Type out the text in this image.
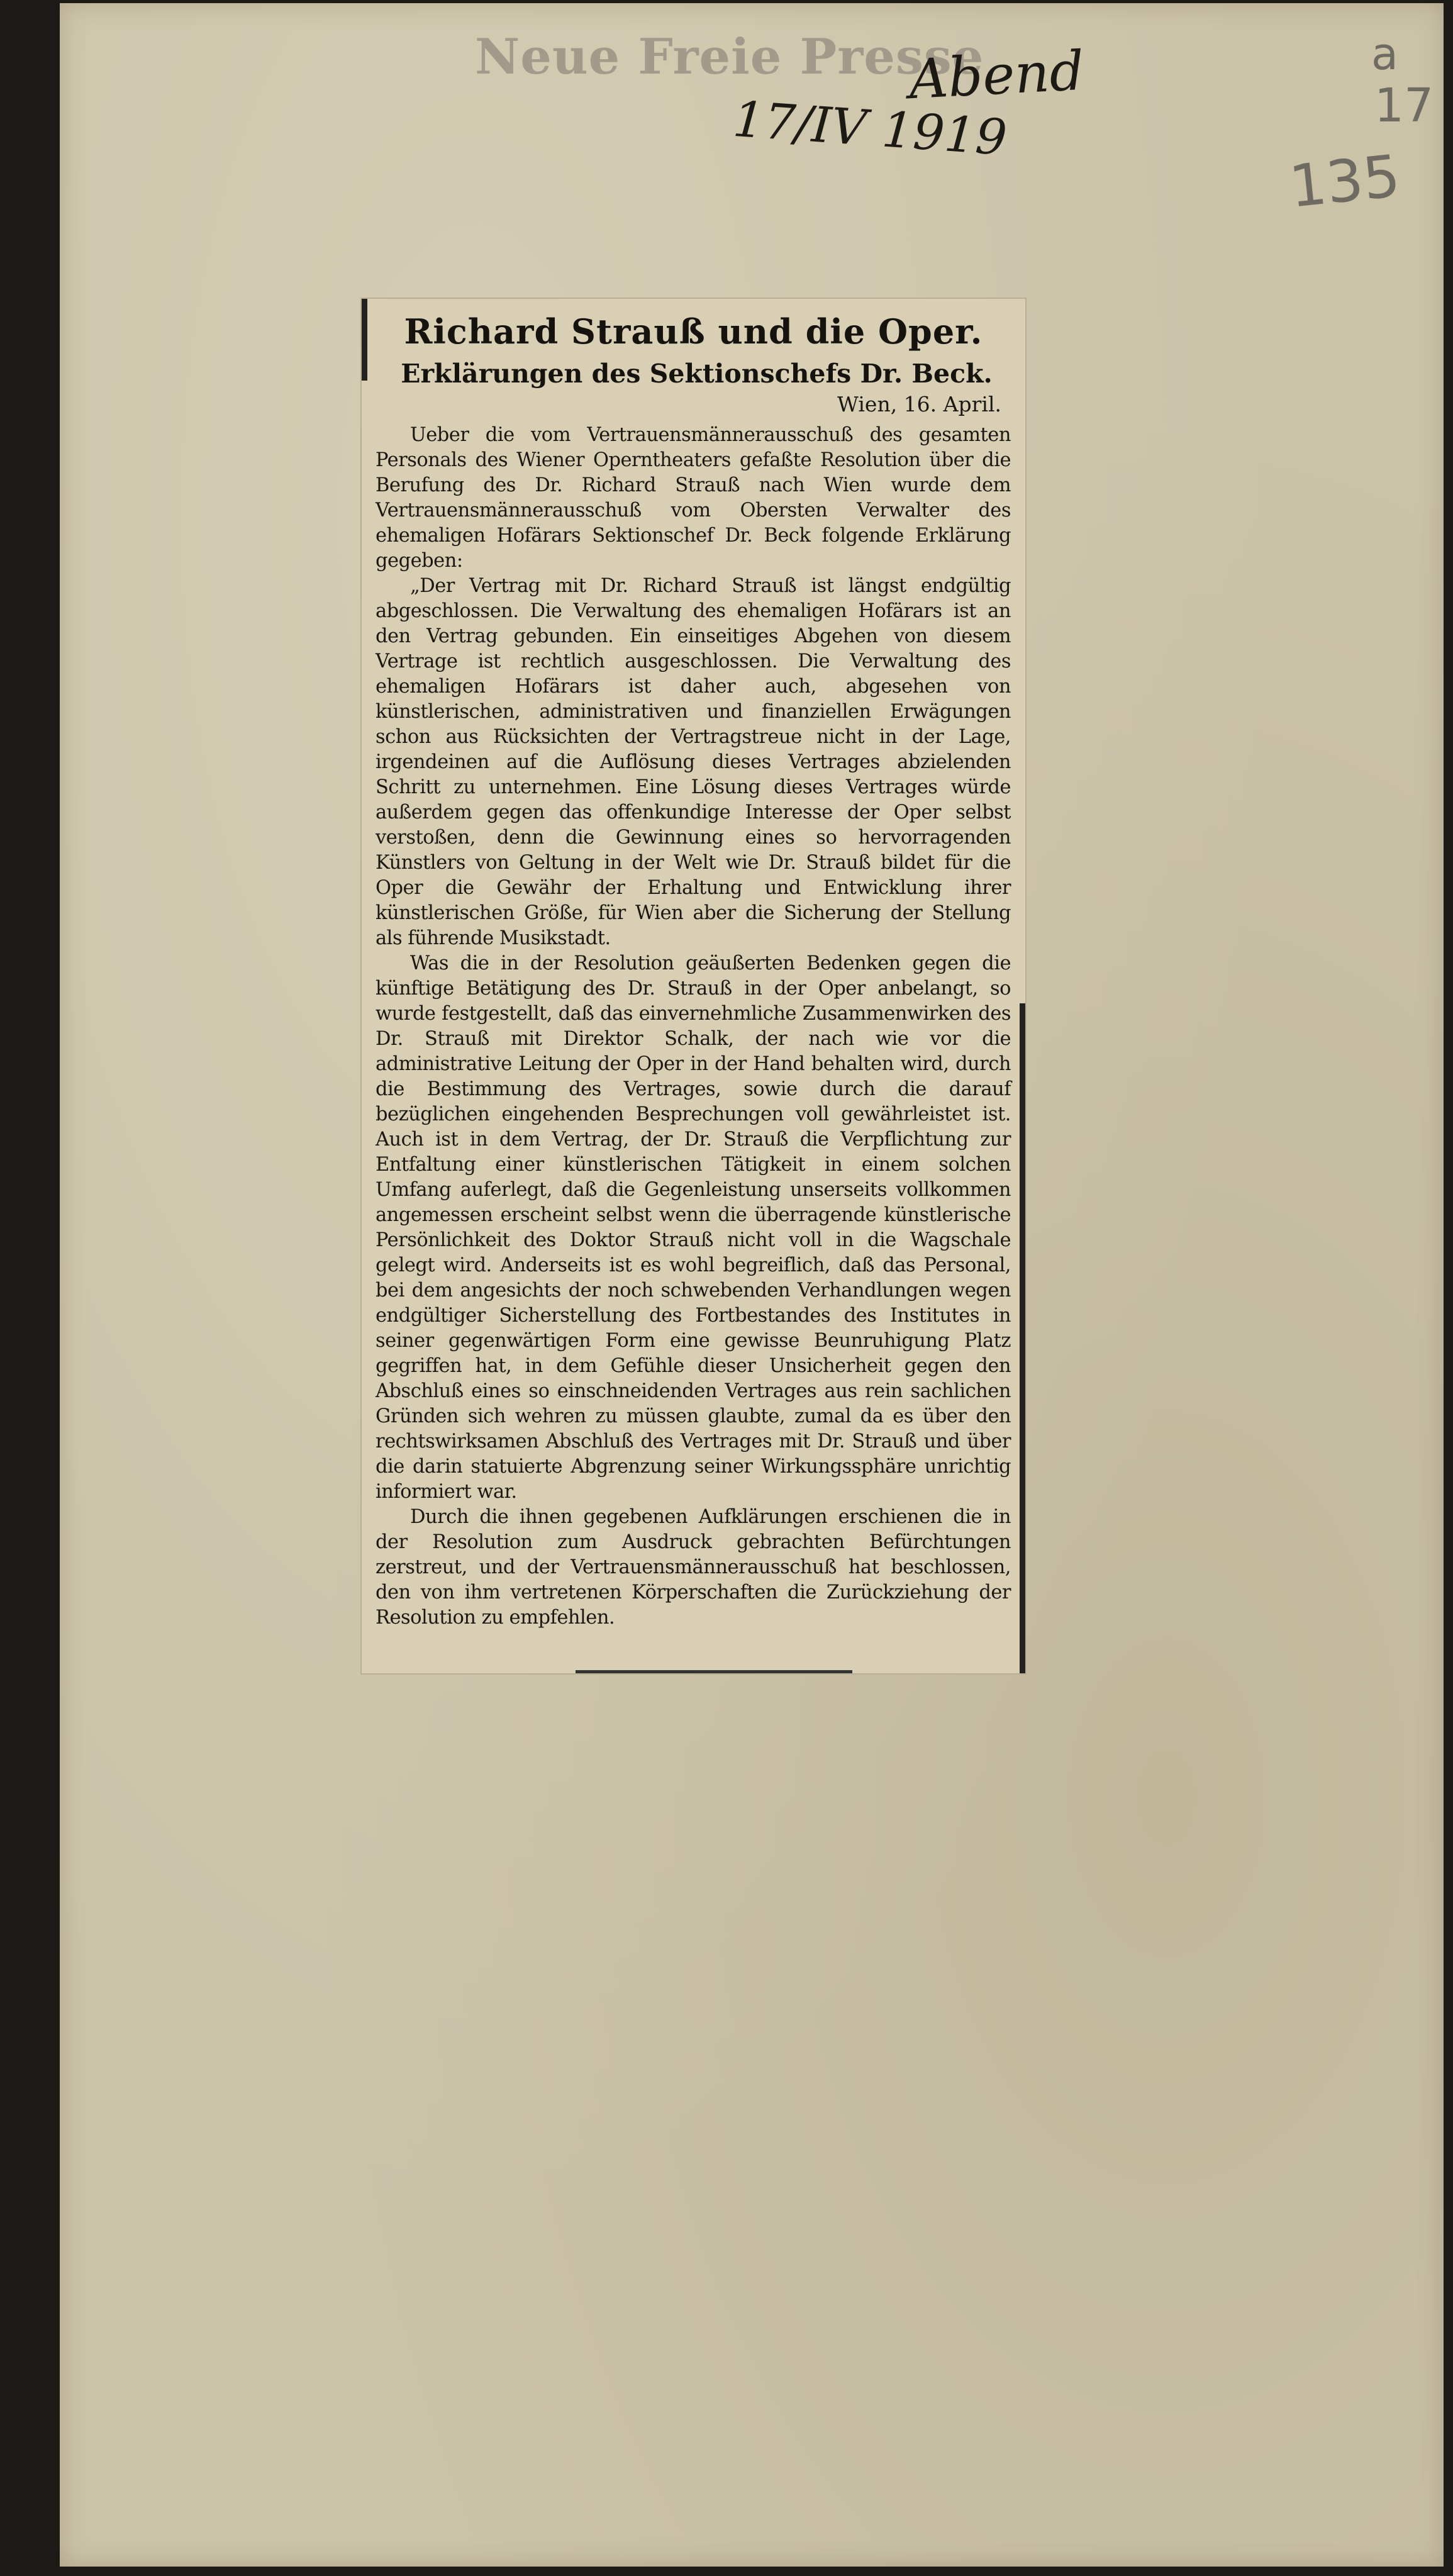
Neue Freie Presse
Abend
17/IV 1919
a
17
135
Richard Strauß und die Oper.
Erklärungen des Sektionschefs Dr. Beck.
Wien, 16. April.

Ueber die vom Vertrauensmännerausschuß des gesamten Personals des Wiener Operntheaters gefaßte Resolution über die Berufung des Dr. Richard Strauß nach Wien wurde dem Vertrauensmännerausschuß vom Obersten Verwalter des ehemaligen Hofärars Sektionschef Dr. Beck folgende Erklärung gegeben:

„Der Vertrag mit Dr. Richard Strauß ist längst endgültig abgeschlossen. Die Verwaltung des ehemaligen Hofärars ist an den Vertrag gebunden. Ein einseitiges Abgehen von diesem Vertrage ist rechtlich ausgeschlossen. Die Verwaltung des ehemaligen Hofärars ist daher auch, abgesehen von künstlerischen, administrativen und finanziellen Erwägungen schon aus Rücksichten der Vertragstreue nicht in der Lage, irgendeinen auf die Auflösung dieses Vertrages abzielenden Schritt zu unternehmen. Eine Lösung dieses Vertrages würde außerdem gegen das offenkundige Interesse der Oper selbst verstoßen, denn die Gewinnung eines so hervorragenden Künstlers von Geltung in der Welt wie Dr. Strauß bildet für die Oper die Gewähr der Erhaltung und Entwicklung ihrer künstlerischen Größe, für Wien aber die Sicherung der Stellung als führende Musikstadt.

Was die in der Resolution geäußerten Bedenken gegen die künftige Betätigung des Dr. Strauß in der Oper anbelangt, so wurde festgestellt, daß das einvernehmliche Zusammenwirken des Dr. Strauß mit Direktor Schalk, der nach wie vor die administrative Leitung der Oper in der Hand behalten wird, durch die Bestimmung des Vertrages, sowie durch die darauf bezüglichen eingehenden Besprechungen voll gewährleistet ist. Auch ist in dem Vertrag, der Dr. Strauß die Verpflichtung zur Entfaltung einer künstlerischen Tätigkeit in einem solchen Umfang auferlegt, daß die Gegenleistung unserseits vollkommen angemessen erscheint selbst wenn die überragende künstlerische Persönlichkeit des Doktor Strauß nicht voll in die Wagschale gelegt wird. Anderseits ist es wohl begreiflich, daß das Personal, bei dem angesichts der noch schwebenden Verhandlungen wegen endgültiger Sicherstellung des Fortbestandes des Institutes in seiner gegenwärtigen Form eine gewisse Beunruhigung Platz gegriffen hat, in dem Gefühle dieser Unsicherheit gegen den Abschluß eines so einschneidenden Vertrages aus rein sachlichen Gründen sich wehren zu müssen glaubte, zumal da es über den rechtswirksamen Abschluß des Vertrages mit Dr. Strauß und über die darin statuierte Abgrenzung seiner Wirkungssphäre unrichtig informiert war.

Durch die ihnen gegebenen Aufklärungen erschienen die in der Resolution zum Ausdruck gebrachten Befürchtungen zerstreut, und der Vertrauensmännerausschuß hat beschlossen, den von ihm vertretenen Körperschaften die Zurückziehung der Resolution zu empfehlen.
